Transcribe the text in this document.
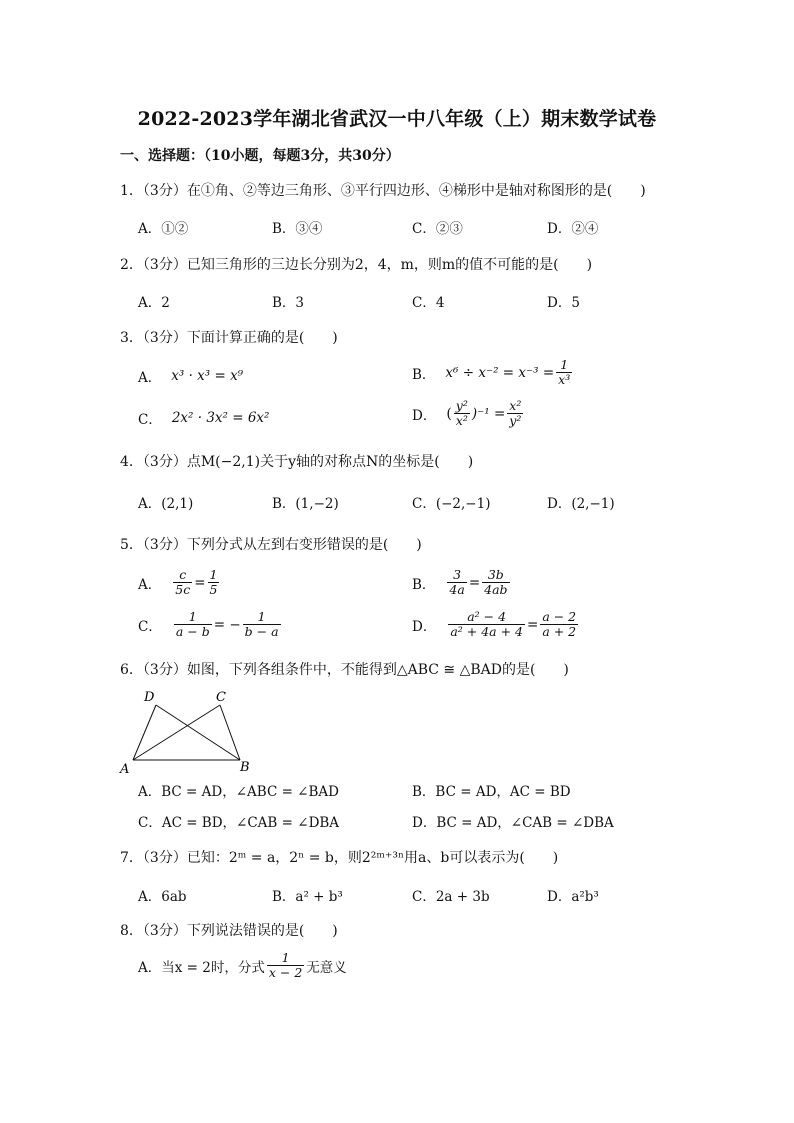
2022-2023学年湖北省武汉一中八年级（上）期末数学试卷
一、选择题：（10小题，每题3分，共30分）
1．（3分）在①角、②等边三角形、③平行四边形、④梯形中是轴对称图形的是(　　)
A．①②	B．③④	C．②③	D．②④
2．（3分）已知三角形的三边长分别为2，4，m，则m的值不可能的是(　　)
A．2	B．3	C．4	D．5
3．（3分）下面计算正确的是(　　)
A． x³ · x³ = x⁹	B． $x^6 \div x^{-2} = x^{-3} = \frac{1}{\text{x³}}$
C． 2x² · 3x² = 6x²	D． ( $\frac{\text{y²}}{\text{x²}} )^{-1} = \frac{\text{x²}}{\text{y²}}$
4．（3分）点M(−2,1)关于y轴的对称点N的坐标是(　　)
A．(2,1)	B．(1,−2)	C．(−2,−1)	D．(2,−1)
5．（3分）下列分式从左到右变形错误的是(　　)
A． $\frac{c}{5c} = \frac{1}{5}$	B． $\frac{3}{4a} = \frac{3b}{4ab}$
C． $\frac{1}{a - b}$ = − $\frac{1}{b - a}$	D． $\frac{\text{a² − 4}}{\text{a² + 4a + 4}} = \frac{a - 2}{a + 2}$
6．（3分）如图，下列各组条件中，不能得到△ABC ≅ △BAD的是(　　)
D	C
A	B
A．BC = AD，∠ABC = ∠BAD	B．BC = AD，AC = BD
C．AC = BD，∠CAB = ∠DBA	D．BC = AD，∠CAB = ∠DBA
7．（3分）已知：2ᵐ = a，2ⁿ = b，则2²ᵐ⁺³ⁿ用a、b可以表示为(　　)
A．6ab	B．a² + b³	C．2a + 3b	D．a²b³
8．（3分）下列说法错误的是(　　)
A．当x = 2时，分式 $\frac{1}{x - 2}$ 无意义
